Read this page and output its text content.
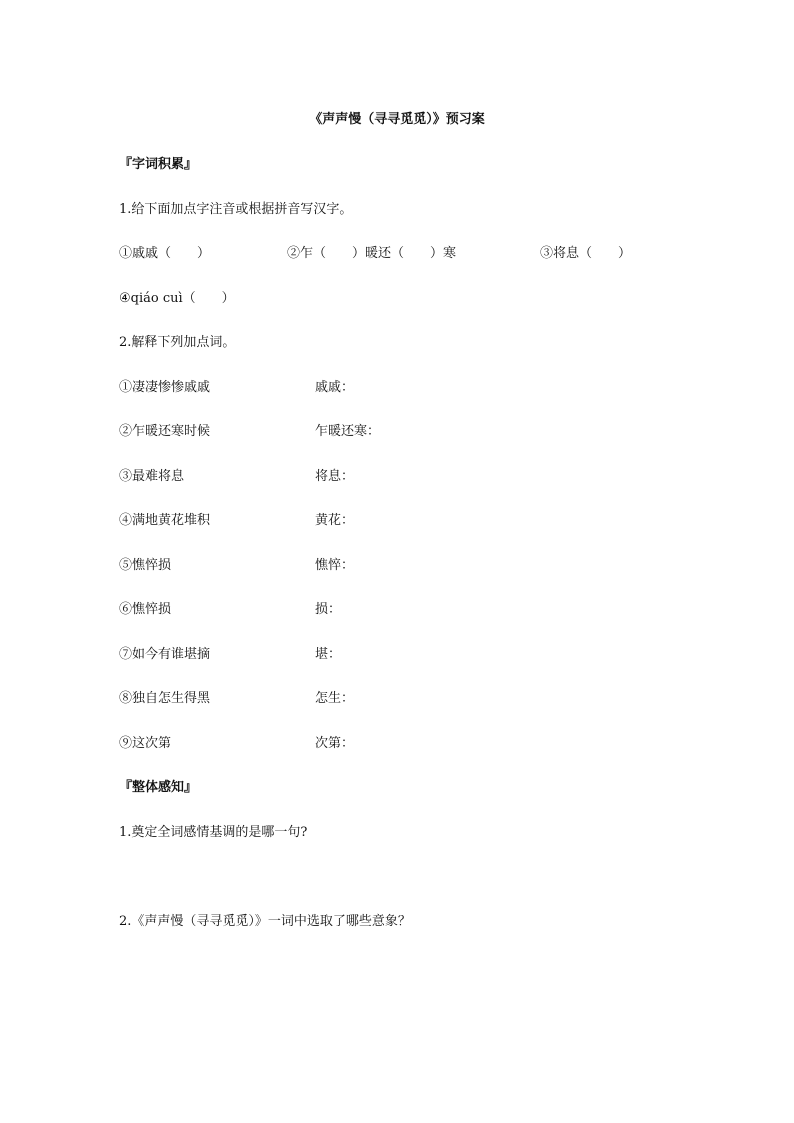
《声声慢（寻寻觅觅）》预习案
『字词积累』
1.给下面加点字注音或根据拼音写汉字。
①戚戚（　　）	②乍（　　）暖还（　　）寒	③将息（　　）
④qiáo cuì（　　）
2.解释下列加点词。
①凄凄惨惨戚戚	戚戚：
②乍暖还寒时候	乍暖还寒：
③最难将息	将息：
④满地黄花堆积	黄花：
⑤憔悴损	憔悴：
⑥憔悴损	损：
⑦如今有谁堪摘	堪：
⑧独自怎生得黑	怎生：
⑨这次第	次第：
『整体感知』
1.奠定全词感情基调的是哪一句?
2.《声声慢（寻寻觅觅）》一词中选取了哪些意象？
